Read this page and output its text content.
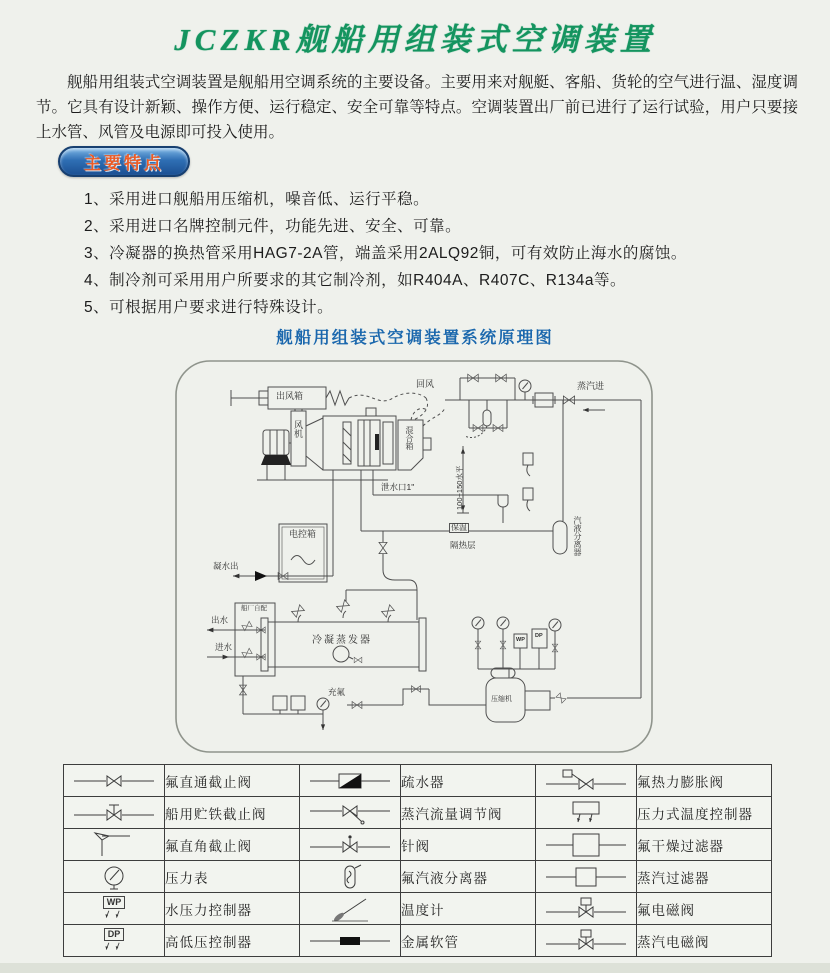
JCZKR舰船用组装式空调装置

舰船用组装式空调装置是舰船用空调系统的主要设备。主要用来对舰艇、客船、货轮的空气进行温、湿度调节。它具有设计新颖、操作方便、运行稳定、安全可靠等特点。空调装置出厂前已进行了运行试验，用户只要接上水管、风管及电源即可投入使用。

主要特点
1、采用进口舰船用压缩机，噪音低、运行平稳。
2、采用进口名牌控制元件，功能先进、安全、可靠。
3、冷凝器的换热管采用HAG7-2A管，端盖采用2ALQ92铜，可有效防止海水的腐蚀。
4、制冷剂可采用用户所要求的其它制冷剂，如R404A、R407C、R134a等。
5、可根据用户要求进行特殊设计。
舰船用组装式空调装置系统原理图
出风箱
风机	混合箱
回风	蒸汽进
电控箱	汽液分离器
保温
隔热层
冷凝蒸发器
船厂自配
出水
进水
凝水出
泄水口1"	100~150水平
充氟
压缩机
WP
DP
	氟直通截止阀		疏水器		氟热力膨胀阀

	船用贮铁截止阀		蒸汽流量调节阀		压力式温度控制器

	氟直角截止阀		针阀		氟干燥过滤器

	压力表		氟汽液分离器		蒸汽过滤器

WP	水压力控制器		温度计		氟电磁阀

DP	高低压控制器		金属软管		蒸汽电磁阀
